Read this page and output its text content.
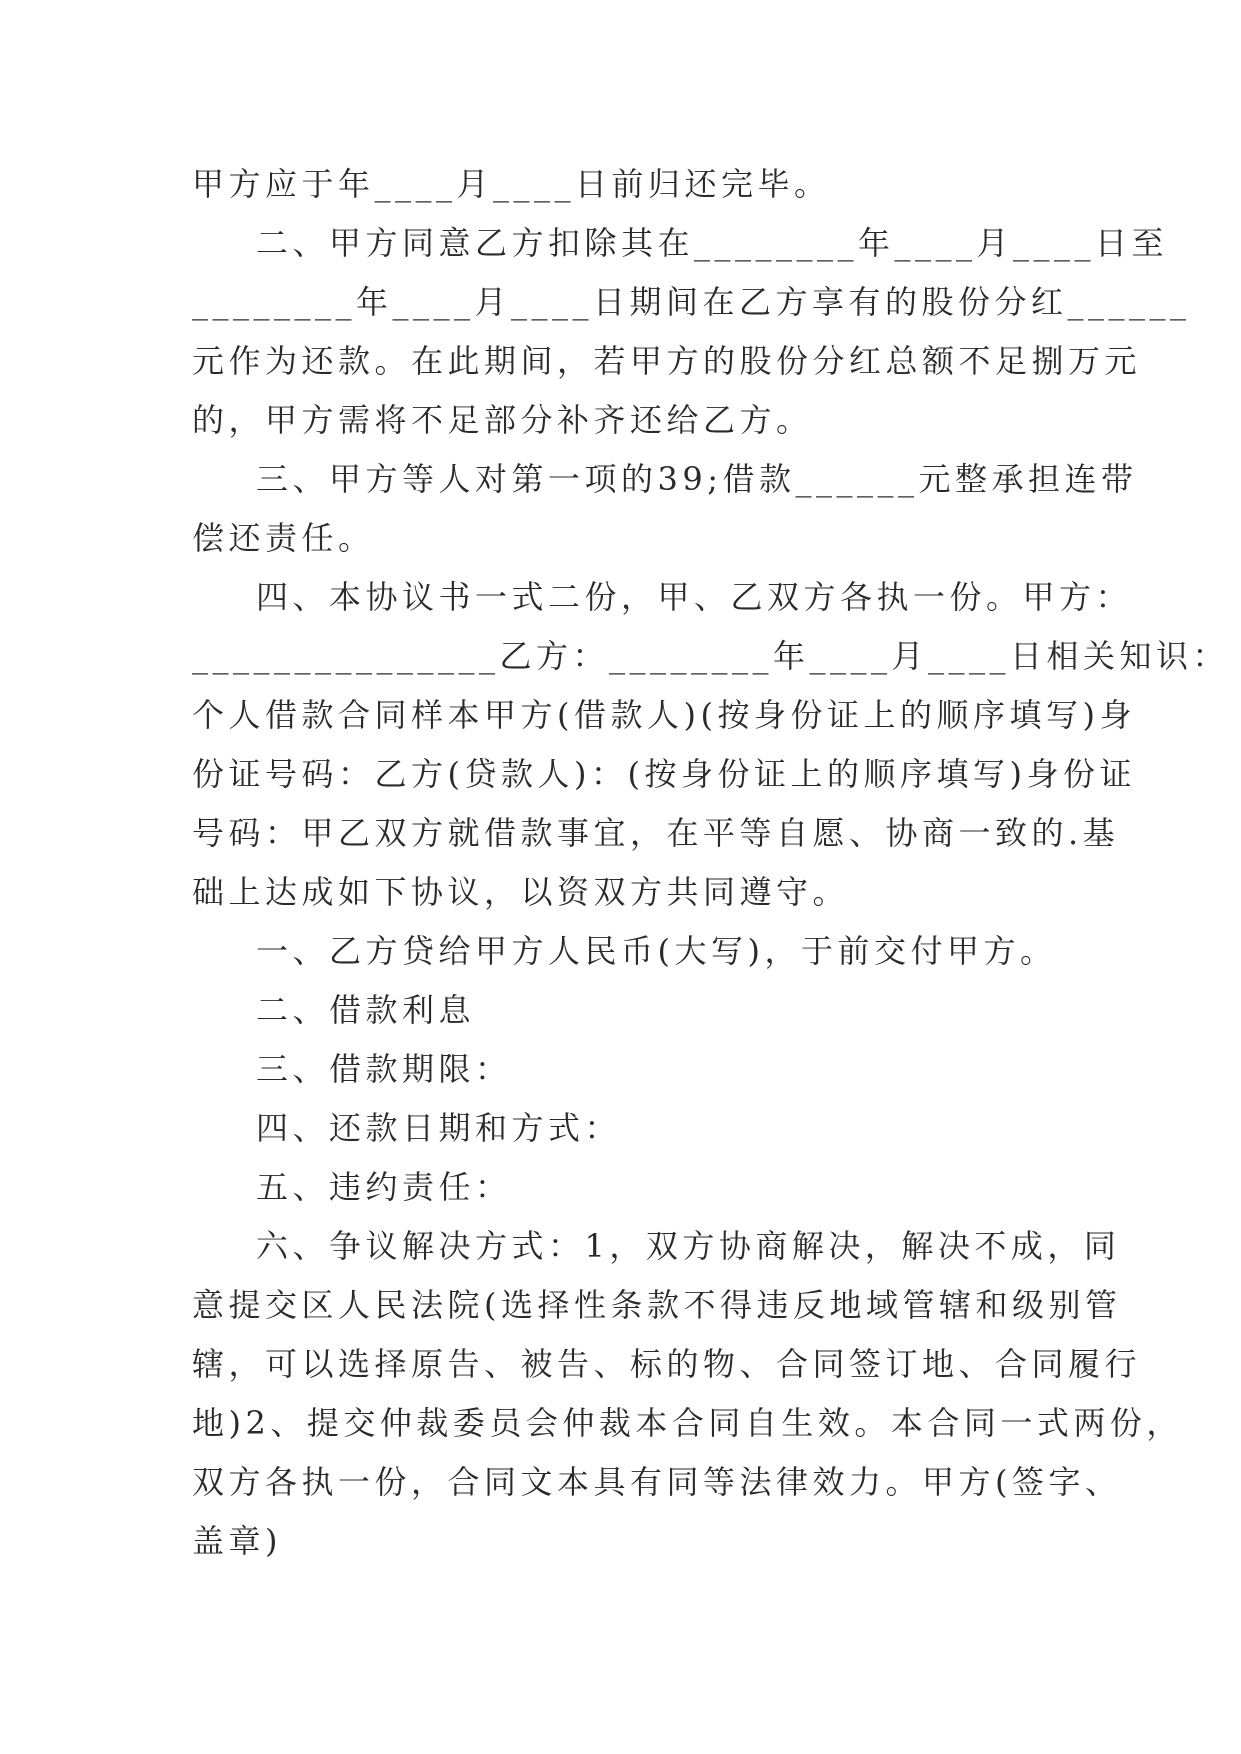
甲方应于年____月____日前归还完毕。
二、甲方同意乙方扣除其在________年____月____日至
________年____月____日期间在乙方享有的股份分红______
元作为还款。在此期间，若甲方的股份分红总额不足捌万元
的，甲方需将不足部分补齐还给乙方。
三、甲方等人对第一项的39;借款______元整承担连带
偿还责任。
四、本协议书一式二份，甲、乙双方各执一份。甲方：
_______________乙方：________年____月____日相关知识：
个人借款合同样本甲方(借款人)(按身份证上的顺序填写)身
份证号码：乙方(贷款人)：(按身份证上的顺序填写)身份证
号码：甲乙双方就借款事宜，在平等自愿、协商一致的.基
础上达成如下协议，以资双方共同遵守。
一、乙方贷给甲方人民币(大写)，于前交付甲方。
二、借款利息
三、借款期限：
四、还款日期和方式：
五、违约责任：
六、争议解决方式：1，双方协商解决，解决不成，同
意提交区人民法院(选择性条款不得违反地域管辖和级别管
辖，可以选择原告、被告、标的物、合同签订地、合同履行
地)2、提交仲裁委员会仲裁本合同自生效。本合同一式两份，
双方各执一份，合同文本具有同等法律效力。甲方(签字、
盖章)
